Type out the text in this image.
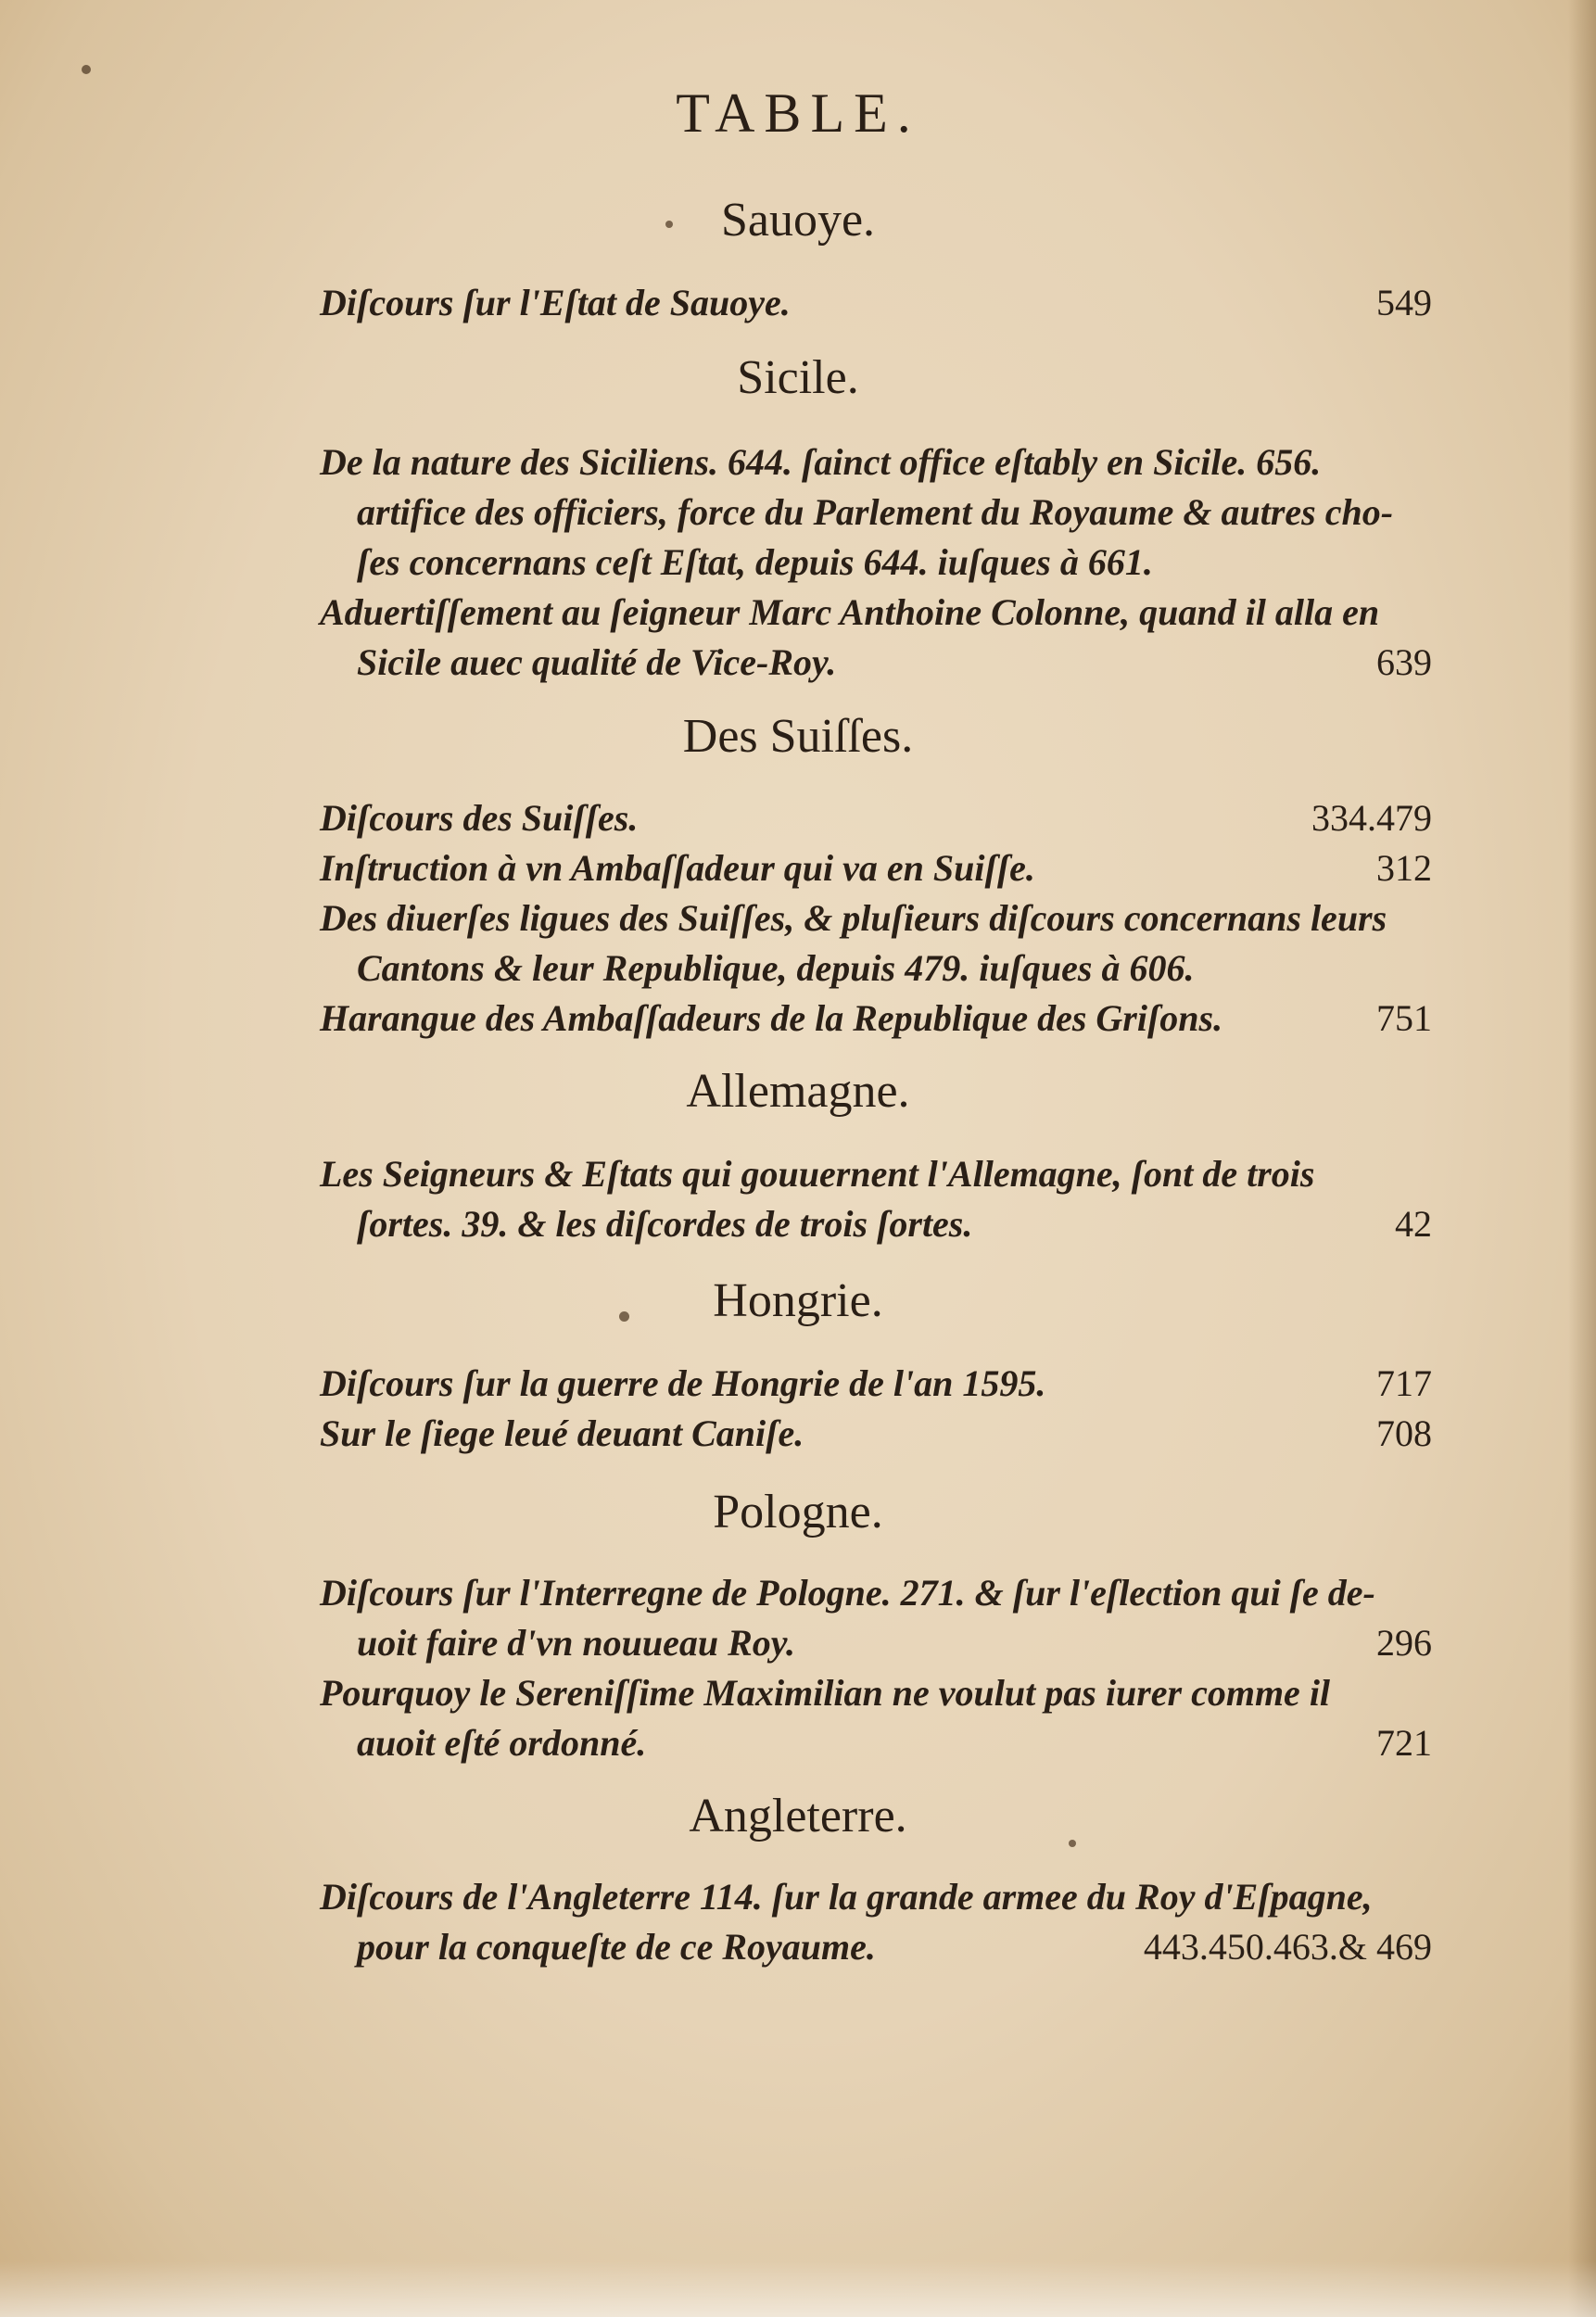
TABLE.
Sauoye.
Diſcours ſur l'Eſtat de Sauoye.	549
Sicile.
De la nature des Siciliens. 644. ſainct office eſtably en Sicile. 656.
artifice des officiers, force du Parlement du Royaume & autres cho-
ſes concernans ceſt Eſtat, depuis 644. iuſques à 661.
Aduertiſſement au ſeigneur Marc Anthoine Colonne, quand il alla en
Sicile auec qualité de Vice-Roy.	639
Des Suiſſes.
Diſcours des Suiſſes.	334.479
Inſtruction à vn Ambaſſadeur qui va en Suiſſe.	312
Des diuerſes ligues des Suiſſes, & pluſieurs diſcours concernans leurs
Cantons & leur Republique, depuis 479. iuſques à 606.
Harangue des Ambaſſadeurs de la Republique des Griſons.	751
Allemagne.
Les Seigneurs & Eſtats qui gouuernent l'Allemagne, ſont de trois
ſortes. 39. & les diſcordes de trois ſortes.	42
Hongrie.
Diſcours ſur la guerre de Hongrie de l'an 1595.	717
Sur le ſiege leué deuant Caniſe.	708
Pologne.
Diſcours ſur l'Interregne de Pologne. 271. & ſur l'eſlection qui ſe de-
uoit faire d'vn nouueau Roy.	296
Pourquoy le Sereniſſime Maximilian ne voulut pas iurer comme il
auoit eſté ordonné.	721
Angleterre.
Diſcours de l'Angleterre 114. ſur la grande armee du Roy d'Eſpagne,
pour la conqueſte de ce Royaume.	443.450.463.& 469
